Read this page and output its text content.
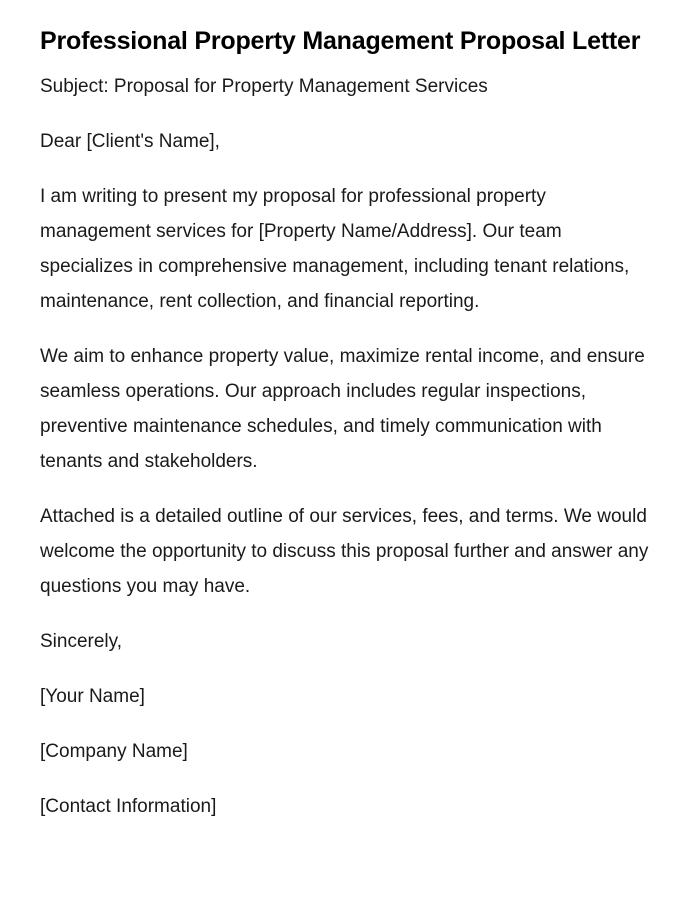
Professional Property Management Proposal Letter

Subject: Proposal for Property Management Services

Dear [Client's Name],

I am writing to present my proposal for professional property management services for [Property Name/Address]. Our team specializes in comprehensive management, including tenant relations, maintenance, rent collection, and financial reporting.

We aim to enhance property value, maximize rental income, and ensure seamless operations. Our approach includes regular inspections, preventive maintenance schedules, and timely communication with tenants and stakeholders.

Attached is a detailed outline of our services, fees, and terms. We would welcome the opportunity to discuss this proposal further and answer any questions you may have.

Sincerely,

[Your Name]

[Company Name]

[Contact Information]
